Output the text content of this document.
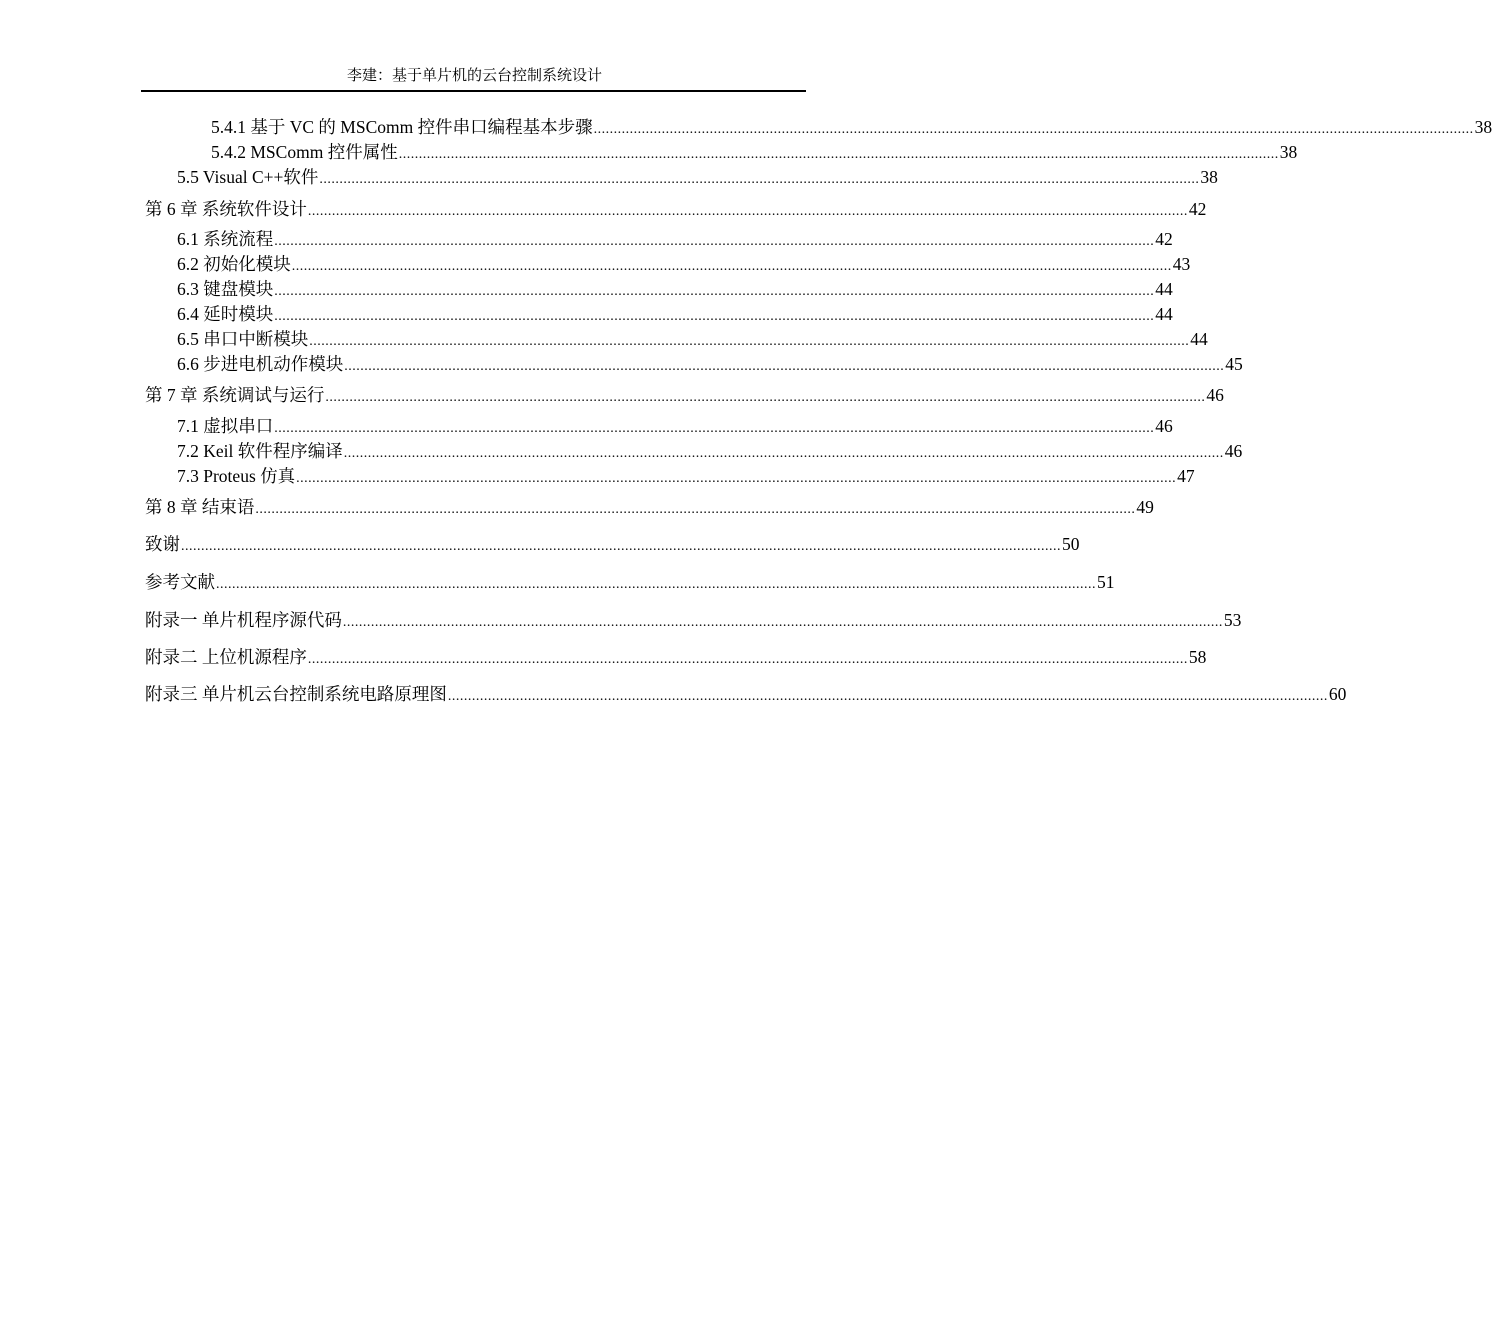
李建：基于单片机的云台控制系统设计
5.4.1 基于 VC 的 MSComm 控件串口编程基本步骤 ............................................................................................................................................................................................................................ 38
5.4.2 MSComm 控件属性 ............................................................................................................................................................................................................................ 38
5.5 Visual C++软件 ............................................................................................................................................................................................................................ 38
第 6 章 系统软件设计 ............................................................................................................................................................................................................................ 42
6.1 系统流程 ............................................................................................................................................................................................................................ 42
6.2 初始化模块 ............................................................................................................................................................................................................................ 43
6.3 键盘模块 ............................................................................................................................................................................................................................ 44
6.4 延时模块 ............................................................................................................................................................................................................................ 44
6.5 串口中断模块 ............................................................................................................................................................................................................................ 44
6.6 步进电机动作模块 ............................................................................................................................................................................................................................ 45
第 7 章 系统调试与运行 ............................................................................................................................................................................................................................ 46
7.1 虚拟串口 ............................................................................................................................................................................................................................ 46
7.2 Keil 软件程序编译 ............................................................................................................................................................................................................................ 46
7.3 Proteus 仿真 ............................................................................................................................................................................................................................ 47
第 8 章 结束语 ............................................................................................................................................................................................................................ 49
致谢 ............................................................................................................................................................................................................................ 50
参考文献 ............................................................................................................................................................................................................................ 51
附录一 单片机程序源代码 ............................................................................................................................................................................................................................ 53
附录二 上位机源程序 ............................................................................................................................................................................................................................ 58
附录三 单片机云台控制系统电路原理图 ............................................................................................................................................................................................................................ 60
